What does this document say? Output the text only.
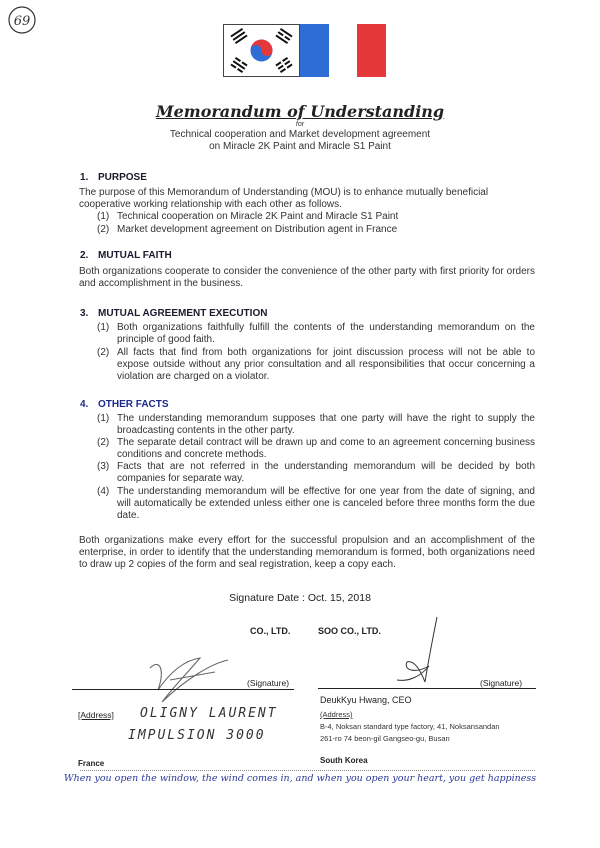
69
Memorandum of Understanding
for
Technical cooperation and Market development agreement
on Miracle 2K Paint and Miracle S1 Paint
1. PURPOSE
The purpose of this Memorandum of Understanding (MOU) is to enhance mutually beneficial
cooperative working relationship with each other as follows.
(1) Technical cooperation on Miracle 2K Paint and Miracle S1 Paint
(2) Market development agreement on Distribution agent in France
2. MUTUAL FAITH
Both organizations cooperate to consider the convenience of the other party with first priority for orders and accomplishment in the business.
3. MUTUAL AGREEMENT EXECUTION
(1) Both organizations faithfully fulfill the contents of the understanding memorandum on the principle of good faith.
(2) All facts that find from both organizations for joint discussion process will not be able to expose outside without any prior consultation and all responsibilities that occur concerning a violation are charged on a violator.
4. OTHER FACTS
(1) The understanding memorandum supposes that one party will have the right to supply the broadcasting contents in the other party.
(2) The separate detail contract will be drawn up and come to an agreement concerning business conditions and concrete methods.
(3) Facts that are not referred in the understanding memorandum will be decided by both companies for separate way.
(4) The understanding memorandum will be effective for one year from the date of signing, and will automatically be extended unless either one is canceled before three months form the due date.
Both organizations make every effort for the successful propulsion and an accomplishment of the enterprise, in order to identify that the understanding memorandum is formed, both organizations need to draw up 2 copies of the form and seal registration, keep a copy each.
Signature Date : Oct. 15, 2018
CO., LTD.
(Signature)
[Address] OLIGNY LAURENT
IMPULSION 3000
France
SOO CO., LTD.
(Signature)
DeukKyu Hwang, CEO
(Address)
B-4, Noksan standard type factory, 41, Noksansandan
261-ro 74 beon-gil Gangseo-gu, Busan
South Korea
When you open the window, the wind comes in, and when you open your heart, you get happiness
